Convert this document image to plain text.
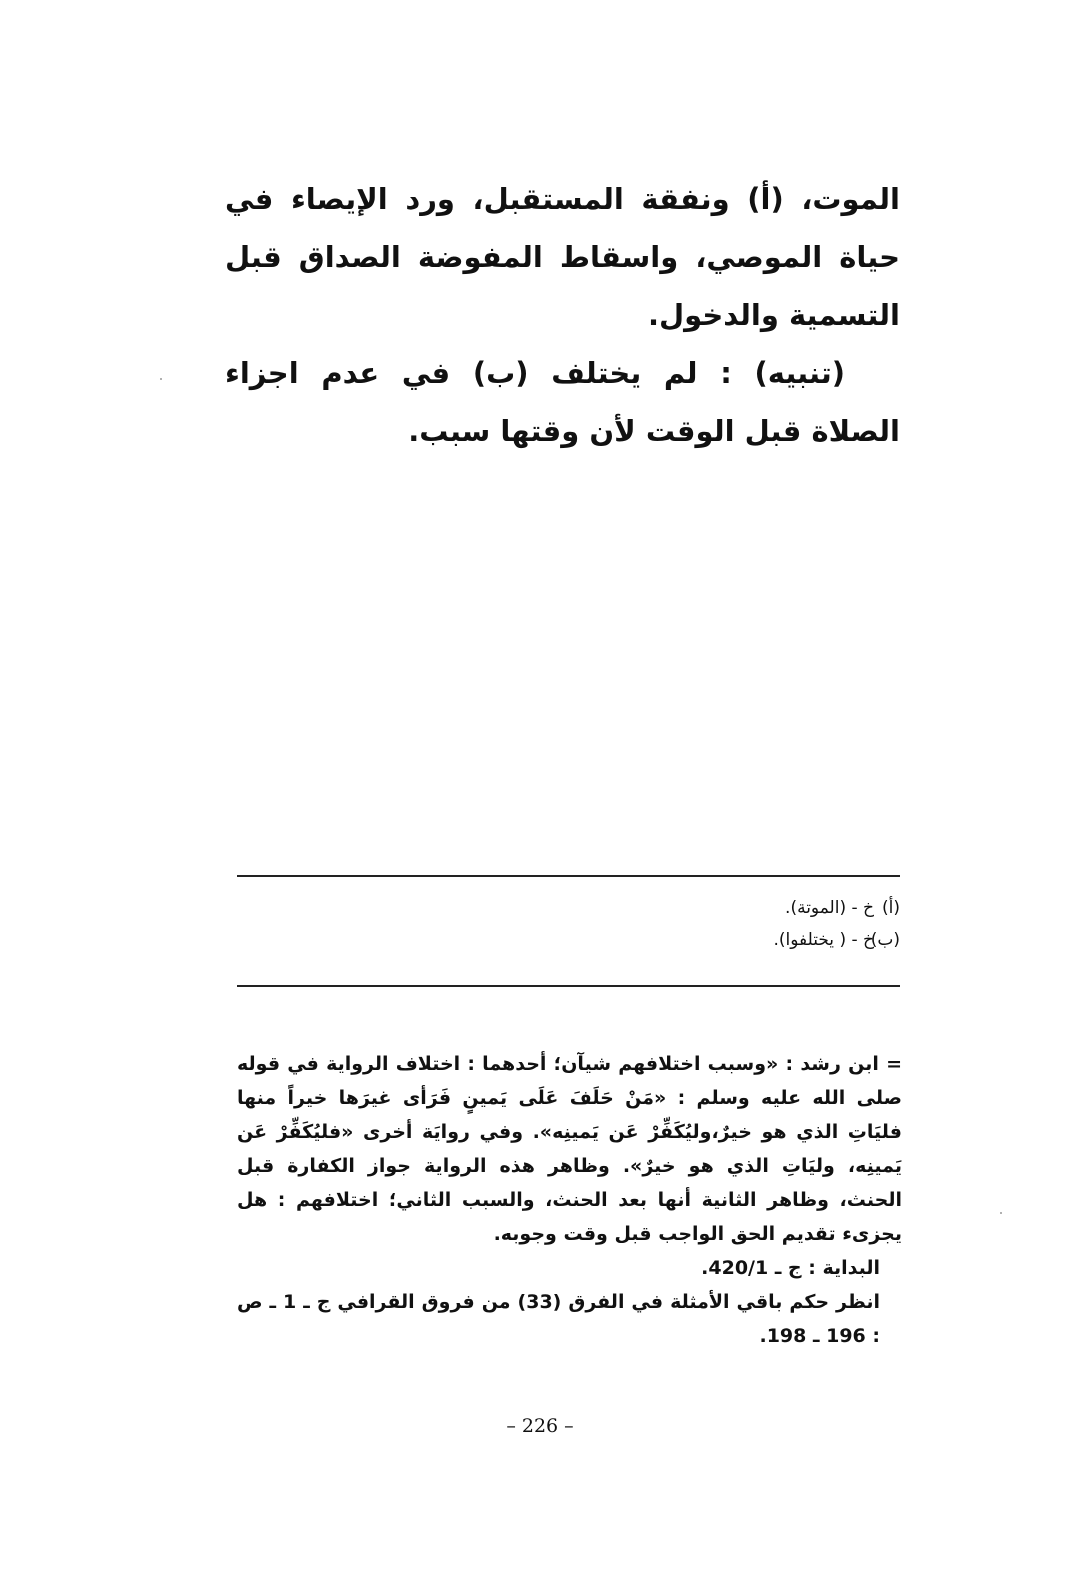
الموت، (أ) ونفقة المستقبل، ورد الإيصاء في حياة الموصي، واسقاط المفوضة الصداق قبل التسمية والدخول.

(تنبيه) : لم يختلف (ب) في عدم اجزاء الصلاة قبل الوقت لأن وقتها سبب.

(أ)
خ - (الموتة).
(ب)
خ - ( يختلفوا).

= ابن رشد : «وسبب اختلافهم شيآن؛ أحدهما : اختلاف الرواية في قوله صلى الله عليه وسلم : «مَنْ حَلَفَ عَلَى يَمينٍ فَرَأى غيرَها خيراً منها فليَاتِ الذي هو خيرٌ،وليُكَفِّرْ عَن يَمينِه». وفي روايَة أخرى «فليُكَفِّرْ عَن يَمينِه، وليَاتِ الذي هو خيرٌ». وظاهر هذه الرواية جواز الكفارة قبل الحنث، وظاهر الثانية أنها بعد الحنث، والسبب الثاني؛ اختلافهم : هل يجزىء تقديم الحق الواجب قبل وقت وجوبه.

البداية : ج ـ 420/1.

انظر حكم باقي الأمثلة في الفرق (33) من فروق القرافي ج ـ 1 ـ ص : 196 ـ 198.

– 226 –
